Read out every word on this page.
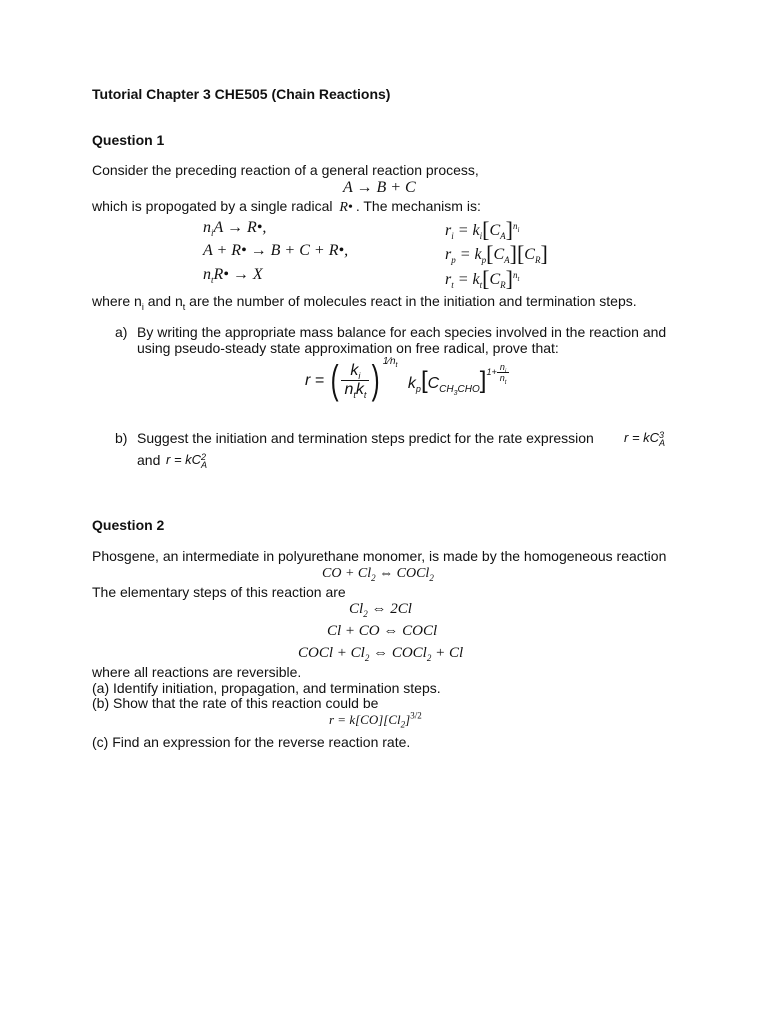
Tutorial Chapter 3 CHE505 (Chain Reactions)
Question 1
Consider the preceding reaction of a general reaction process,
A → B + C
which is propogated by a single radical R• . The mechanism is:
$n_iA$ → R•,
A + R• → B + C + R•,
$n_tR• \to X$
$r_i = k_i[C_A]^{n_i}$
$r_p = k_p[C_A][C_R]$
$r_t = k_t[C_R]^{n_t}$
where $n_i$ and $n_t$ are the number of molecules react in the initiation and termination steps.
a) By writing the appropriate mass balance for each species involved in the reaction and
using pseudo-steady state approximation on free radical, prove that:
r = ( $\frac{k_i}{n_tk_t}$ ) $1⁄n_t$ $k_p[C_{CH_3CHO}]1+ \frac{n_i}{n_t}$
b) Suggest the initiation and termination steps predict for the rate expression r = kC 3
A
and r = kC 2
A
Question 2
Phosgene, an intermediate in polyurethane monomer, is made by the homogeneous reaction
CO + $Cl_2$ ⇔ COCl$_2$
The elementary steps of this reaction are
$Cl_2$ ⇔ 2Cl
Cl + CO ⇔ COCl
COCl + $Cl_2$ ⇔ COCl$_2$ + Cl
where all reactions are reversible.
(a) Identify initiation, propagation, and termination steps.
(b) Show that the rate of this reaction could be
$r = k[CO][Cl_2]^{3/2}$
(c) Find an expression for the reverse reaction rate.
